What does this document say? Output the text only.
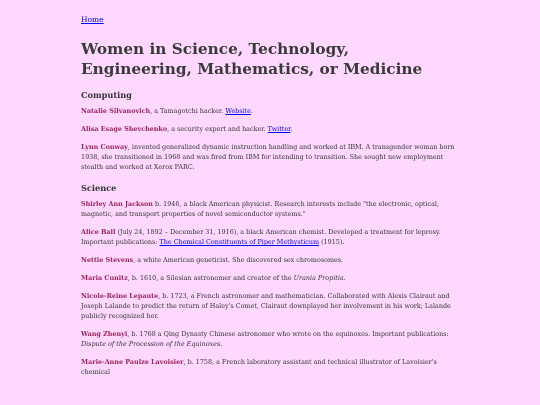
Home
Women in Science, Technology, Engineering, Mathematics, or Medicine
Computing

Natalie Silvanovich, a Tamagotchi hacker. Website.

Alisa Esage Shevchenko, a security expert and hacker. Twitter.

Lynn Conway, invented generalized dynamic instruction handling and worked at IBM. A transgender woman born 1938, she transitioned in 1968 and was fired from IBM for intending to transition. She sought new employment stealth and worked at Xerox PARC.

Science

Shirley Ann Jackson b. 1946, a black American physicist. Research interests include "the electronic, optical, magnetic, and transport properties of novel semiconductor systems."

Alice Ball (July 24, 1892 – December 31, 1916), a black American chemist. Developed a treatment for leprosy. Important publications: The Chemical Constituents of Piper Methysticum (1915).

Nettie Stevens, a white American geneticist. She discovered sex chromosomes.

Maria Cunitz, b. 1610, a Silesian astronomer and creator of the Urania Propitia.

Nicole-Reine Lepaute, b. 1723, a French astronomer and mathematician. Collaborated with Alexis Clairaut and Joseph Lalande to predict the return of Haley's Comet, Clairaut downplayed her involvement in his work; Lalande publicly recognized her.

Wang Zhenyi, b. 1768 a Qing Dynasty Chinese astronomer who wrote on the equinoxes. Important publications: Dispute of the Procession of the Equinoxes.

Marie-Anne Paulze Lavoisier, b. 1758, a French laboratory assistant and technical illustrator of Lavoisier's chemical
